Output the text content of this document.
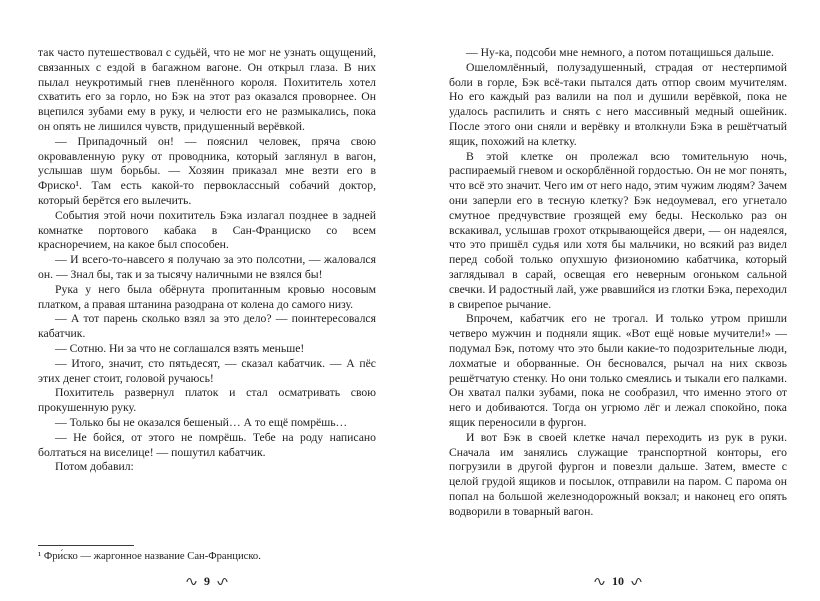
так часто путешествовал с судьёй, что не мог не узнать ощущений, связанных с ездой в багажном вагоне. Он открыл глаза. В них пылал неукротимый гнев пленённого короля. Похититель хотел схватить его за горло, но Бэк на этот раз оказался проворнее. Он вцепился зубами ему в руку, и челюсти его не размыкались, пока он опять не лишился чувств, придушенный верёвкой.

— Припадочный он! — пояснил человек, пряча свою окровавленную руку от проводника, который заглянул в вагон, услышав шум борьбы. — Хозяин приказал мне везти его в Фриско¹. Там есть какой-то первоклассный собачий доктор, который берётся его вылечить.

События этой ночи похититель Бэка излагал позднее в задней комнатке портового кабака в Сан-Франциско со всем красноречием, на какое был способен.

— И всего-то-навсего я получаю за это полсотни, — жаловался он. — Знал бы, так и за тысячу наличными не взялся бы!

Рука у него была обёрнута пропитанным кровью носовым платком, а правая штанина разодрана от колена до самого низу.

— А тот парень сколько взял за это дело? — поинтересовался кабатчик.

— Сотню. Ни за что не соглашался взять меньше!

— Итого, значит, сто пятьдесят, — сказал кабатчик. — А пёс этих денег стоит, головой ручаюсь!

Похититель развернул платок и стал осматривать свою прокушенную руку.

— Только бы не оказался бешеный… А то ещё помрёшь…

— Не бойся, от этого не помрёшь. Тебе на роду написано болтаться на виселице! — пошутил кабатчик.

Потом добавил:

¹ Фри́ско — жаргонное название Сан-Франциско.
9

— Ну-ка, подсоби мне немного, а потом потащишься дальше.

Ошеломлённый, полузадушенный, страдая от нестерпимой боли в горле, Бэк всё-таки пытался дать отпор своим мучителям. Но его каждый раз валили на пол и душили верёвкой, пока не удалось распилить и снять с него массивный медный ошейник. После этого они сняли и верёвку и втолкнули Бэка в решётчатый ящик, похожий на клетку.

В этой клетке он пролежал всю томительную ночь, распираемый гневом и оскорблённой гордостью. Он не мог понять, что всё это значит. Чего им от него надо, этим чужим людям? Зачем они заперли его в тесную клетку? Бэк недоумевал, его угнетало смутное предчувствие грозящей ему беды. Несколько раз он вскакивал, услышав грохот открывающейся двери, — он надеялся, что это пришёл судья или хотя бы мальчики, но всякий раз видел перед собой только опухшую физиономию кабатчика, который заглядывал в сарай, освещая его неверным огоньком сальной свечки. И радостный лай, уже рвавшийся из глотки Бэка, переходил в свирепое рычание.

Впрочем, кабатчик его не трогал. И только утром пришли четверо мужчин и подняли ящик. «Вот ещё новые мучители!» — подумал Бэк, потому что это были какие-то подозрительные люди, лохматые и оборванные. Он бесновался, рычал на них сквозь решётчатую стенку. Но они только смеялись и тыкали его палками. Он хватал палки зубами, пока не сообразил, что именно этого от него и добиваются. Тогда он угрюмо лёг и лежал спокойно, пока ящик переносили в фургон.

И вот Бэк в своей клетке начал переходить из рук в руки. Сначала им занялись служащие транспортной конторы, его погрузили в другой фургон и повезли дальше. Затем, вместе с целой грудой ящиков и посылок, отправили на паром. С парома он попал на большой железнодорожный вокзал; и наконец его опять водворили в товарный вагон.

10
